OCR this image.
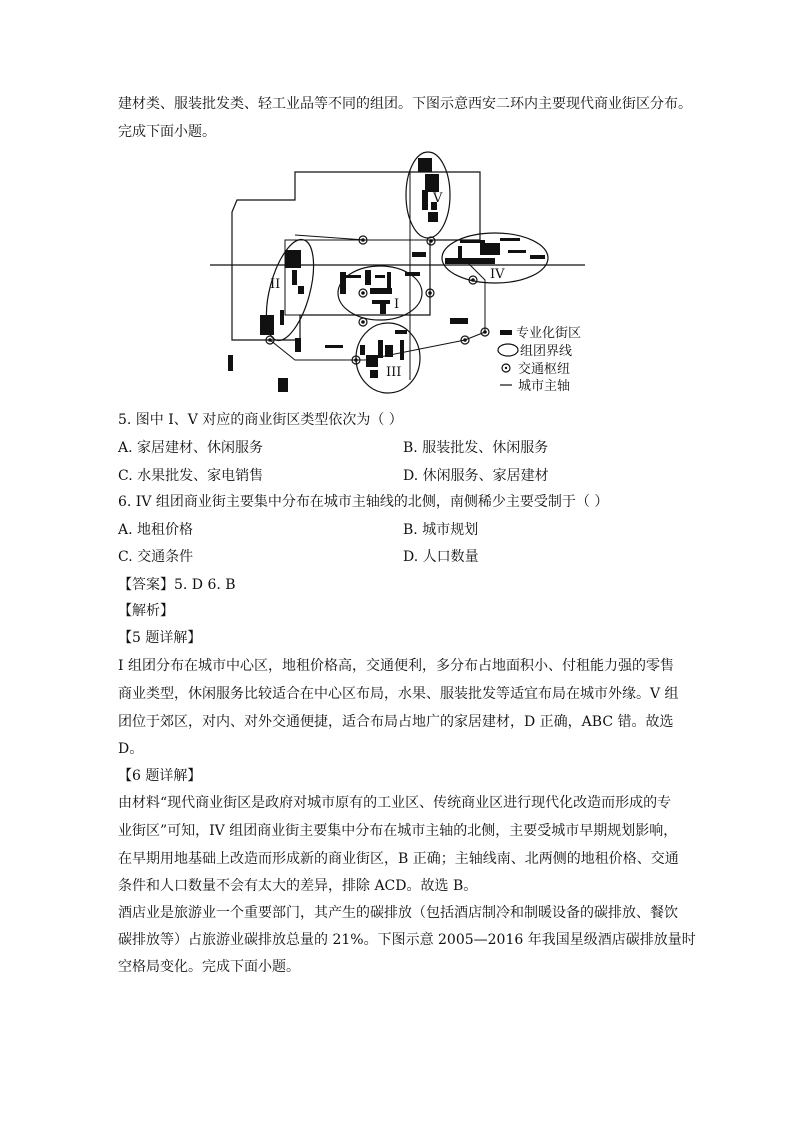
建材类、服装批发类、轻工业品等不同的组团。下图示意西安二环内主要现代商业街区分布。
完成下面小题。
V
IV
I
II
III
专业化街区
组团界线
交通枢纽
城市主轴
5. 图中 I、V 对应的商业街区类型依次为（ ）
A. 家居建材、休闲服务	B. 服装批发、休闲服务
C. 水果批发、家电销售	D. 休闲服务、家居建材
6. IV 组团商业街主要集中分布在城市主轴线的北侧，南侧稀少主要受制于（ ）
A. 地租价格	B. 城市规划
C. 交通条件	D. 人口数量
【答案】5. D 6. B
【解析】
【5 题详解】
I 组团分布在城市中心区，地租价格高，交通便利，多分布占地面积小、付租能力强的零售
商业类型，休闲服务比较适合在中心区布局，水果、服装批发等适宜布局在城市外缘。V 组
团位于郊区，对内、对外交通便捷，适合布局占地广的家居建材，D 正确，ABC 错。故选
D。
【6 题详解】
由材料“现代商业街区是政府对城市原有的工业区、传统商业区进行现代化改造而形成的专
业街区”可知，IV 组团商业街主要集中分布在城市主轴的北侧，主要受城市早期规划影响，
在早期用地基础上改造而形成新的商业街区，B 正确；主轴线南、北两侧的地租价格、交通
条件和人口数量不会有太大的差异，排除 ACD。故选 B。
酒店业是旅游业一个重要部门，其产生的碳排放（包括酒店制冷和制暖设备的碳排放、餐饮
碳排放等）占旅游业碳排放总量的 21%。下图示意 2005—2016 年我国星级酒店碳排放量时
空格局变化。完成下面小题。
